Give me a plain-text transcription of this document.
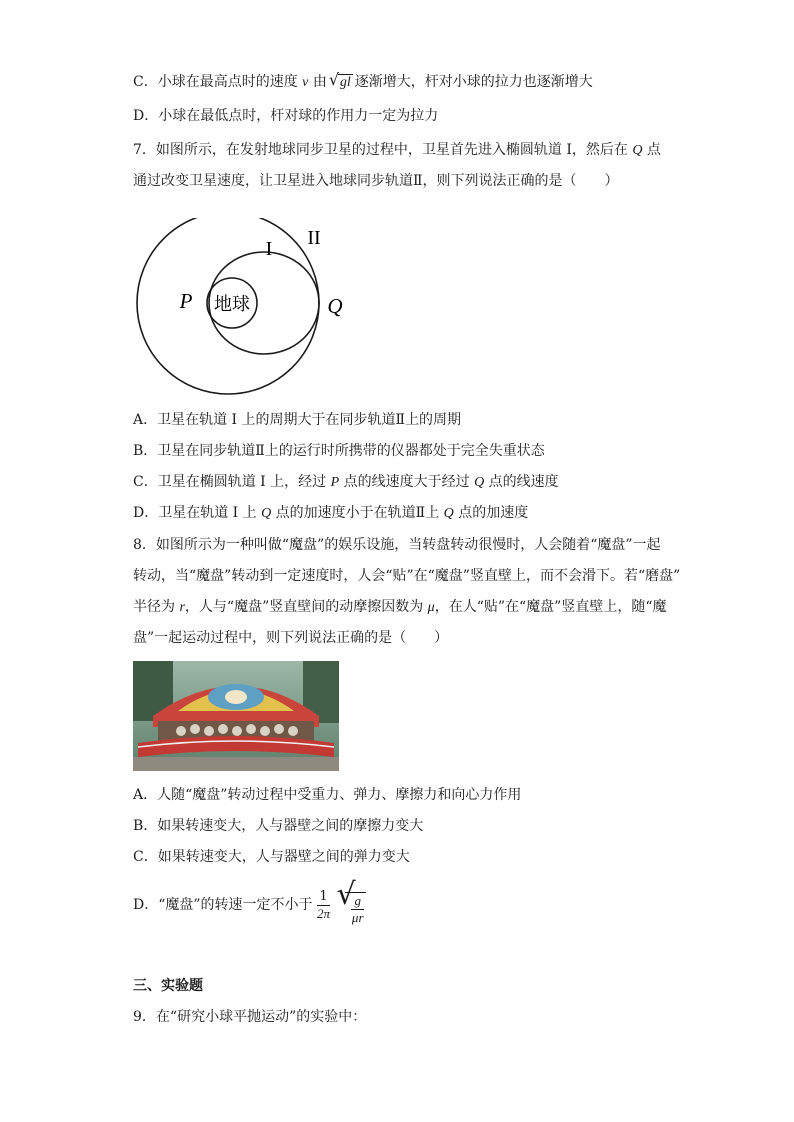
C．小球在最高点时的速度 v 由 √ gl 逐渐增大，杆对小球的拉力也逐渐增大
D．小球在最低点时，杆对球的作用力一定为拉力
7．如图所示，在发射地球同步卫星的过程中，卫星首先进入椭圆轨道 I，然后在 Q 点
通过改变卫星速度，让卫星进入地球同步轨道Ⅱ，则下列说法正确的是（　　）
地球
I II
P	Q
A．卫星在轨道 I 上的周期大于在同步轨道Ⅱ上的周期
B．卫星在同步轨道Ⅱ上的运行时所携带的仪器都处于完全失重状态
C．卫星在椭圆轨道 I 上，经过 P 点的线速度大于经过 Q 点的线速度
D．卫星在轨道 I 上 Q 点的加速度小于在轨道Ⅱ上 Q 点的加速度
8．如图所示为一种叫做“魔盘”的娱乐设施，当转盘转动很慢时，人会随着“魔盘”一起
转动，当“魔盘”转动到一定速度时，人会“贴”在“魔盘”竖直壁上，而不会滑下。若“磨盘”
半径为 r，人与“魔盘”竖直壁间的动摩擦因数为 μ，在人“贴”在“魔盘”竖直壁上，随“魔
盘”一起运动过程中，则下列说法正确的是（　　）
A．人随“魔盘”转动过程中受重力、弹力、摩擦力和向心力作用
B．如果转速变大，人与器壁之间的摩擦力变大
C．如果转速变大，人与器壁之间的弹力变大
D．“魔盘”的转速一定不小于 $\frac{1}{2\pi}$
√
$\frac{g}{\mu r}$
三、实验题
9．在“研究小球平抛运动”的实验中：
